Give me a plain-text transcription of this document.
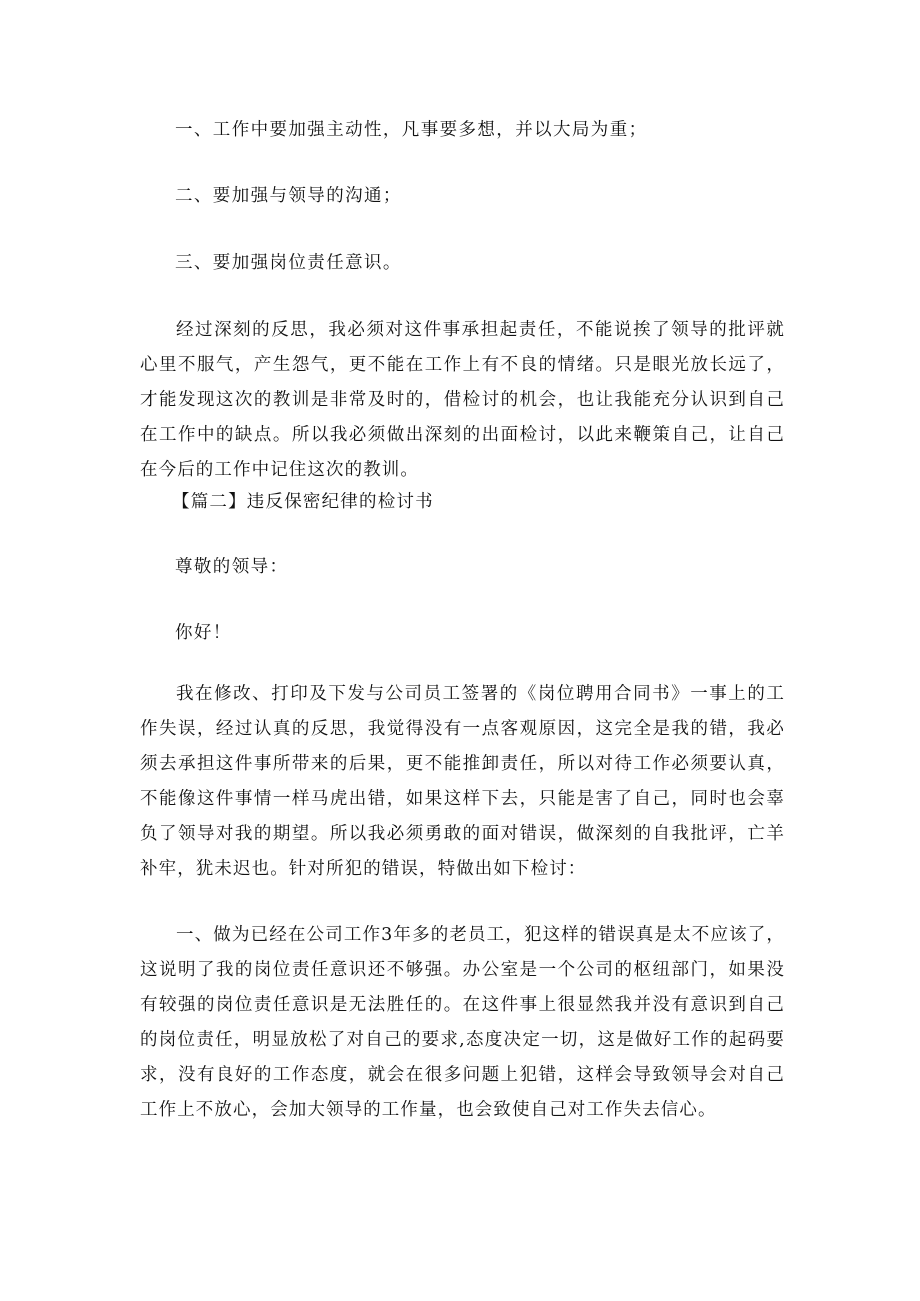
一、工作中要加强主动性，凡事要多想，并以大局为重；
二、要加强与领导的沟通；
三、要加强岗位责任意识。

经过深刻的反思，我必须对这件事承担起责任，不能说挨了领导的批评就心里不服气，产生怨气，更不能在工作上有不良的情绪。只是眼光放长远了，才能发现这次的教训是非常及时的，借检讨的机会，也让我能充分认识到自己在工作中的缺点。所以我必须做出深刻的出面检讨，以此来鞭策自己，让自己在今后的工作中记住这次的教训。

【篇二】违反保密纪律的检讨书
尊敬的领导：
你好！

我在修改、打印及下发与公司员工签署的《岗位聘用合同书》一事上的工作失误，经过认真的反思，我觉得没有一点客观原因，这完全是我的错，我必须去承担这件事所带来的后果，更不能推卸责任，所以对待工作必须要认真，不能像这件事情一样马虎出错，如果这样下去，只能是害了自己，同时也会辜负了领导对我的期望。所以我必须勇敢的面对错误，做深刻的自我批评，亡羊补牢，犹未迟也。针对所犯的错误，特做出如下检讨：

一、做为已经在公司工作3年多的老员工，犯这样的错误真是太不应该了，这说明了我的岗位责任意识还不够强。办公室是一个公司的枢纽部门，如果没有较强的岗位责任意识是无法胜任的。在这件事上很显然我并没有意识到自己的岗位责任，明显放松了对自己的要求,态度决定一切，这是做好工作的起码要求，没有良好的工作态度，就会在很多问题上犯错，这样会导致领导会对自己工作上不放心，会加大领导的工作量，也会致使自己对工作失去信心。
